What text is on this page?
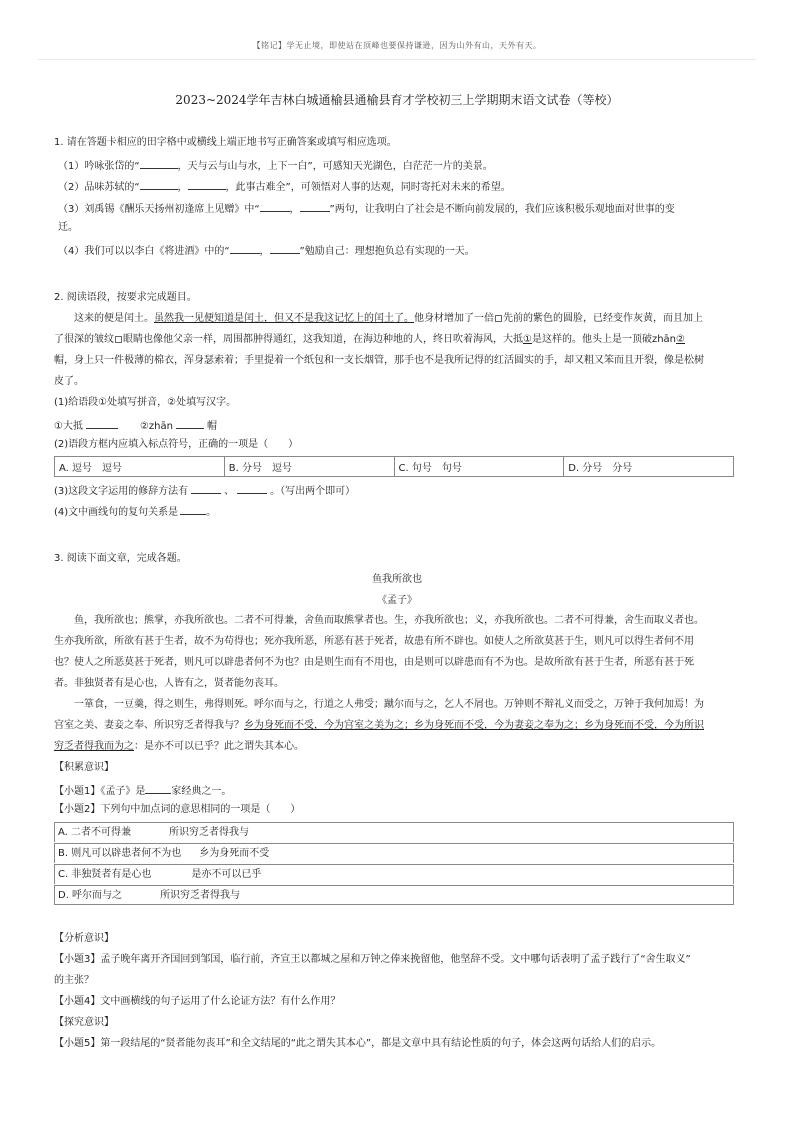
【铭记】学无止境，即使站在顶峰也要保持谦逊，因为山外有山，天外有天。
2023~2024学年吉林白城通榆县通榆县育才学校初三上学期期末语文试卷（等校）
1. 请在答题卡相应的田字格中或横线上端正地书写正确答案或填写相应选项。
（1）吟咏张岱的“	，天与云与山与水，上下一白”，可感知天光湖色，白茫茫一片的美景。
（2）品味苏轼的“	，	，此事古难全”，可领悟对人事的达观，同时寄托对未来的希望。
（3）刘禹锡《酬乐天扬州初逢席上见赠》中“	，	”两句，让我明白了社会是不断向前发展的，我们应该积极乐观地面对世事的变
迁。
（4）我们可以以李白《将进酒》中的“	，	”勉励自己：理想抱负总有实现的一天。
2. 阅读语段，按要求完成题目。
这来的便是闰土。虽然我一见便知道是闰土，但又不是我这记忆上的闰土了。他身材增加了一倍 先前的紫色的圆脸，已经变作灰黄，而且加上
了很深的皱纹 眼睛也像他父亲一样，周围都肿得通红，这我知道，在海边种地的人，终日吹着海风，大抵①是这样的。他头上是一顶破zhān②
帽，身上只一件极薄的棉衣，浑身瑟索着；手里提着一个纸包和一支长烟管，那手也不是我所记得的红活圆实的手，却又粗又笨而且开裂，像是松树
皮了。
(1)给语段①处填写拼音，②处填写汉字。
①大抵	②zhān	帽
(2)语段方框内应填入标点符号，正确的一项是（　　）
A. 逗号　逗号	B. 分号　逗号	C. 句号　句号	D. 分号　分号
(3)这段文字运用的修辞方法有	、	。（写出两个即可）
(4)文中画线句的复句关系是	。
3. 阅读下面文章，完成各题。
鱼我所欲也
《孟子》
鱼，我所欲也；熊掌，亦我所欲也。二者不可得兼，舍鱼而取熊掌者也。生，亦我所欲也；义，亦我所欲也。二者不可得兼，舍生而取义者也。
生亦我所欲，所欲有甚于生者，故不为苟得也；死亦我所恶，所恶有甚于死者，故患有所不辟也。如使人之所欲莫甚于生，则凡可以得生者何不用
也？使人之所恶莫甚于死者，则凡可以辟患者何不为也？由是则生而有不用也，由是则可以辟患而有不为也。是故所欲有甚于生者，所恶有甚于死
者。非独贤者有是心也，人皆有之，贤者能勿丧耳。
一箪食，一豆羹，得之则生，弗得则死。呼尔而与之，行道之人弗受；蹴尔而与之，乞人不屑也。万钟则不辩礼义而受之，万钟于我何加焉！为
宫室之美、妻妾之奉、所识穷乏者得我与？乡为身死而不受，今为宫室之美为之；乡为身死而不受，今为妻妾之奉为之；乡为身死而不受，今为所识
穷乏者得我而为之：是亦不可以已乎？此之谓失其本心。
【积累意识】
【小题1】《孟子》是	家经典之一。
【小题2】下列句中加点词的意思相同的一项是（　　）
A. 二者不可得兼	所识穷乏者得我与
B. 则凡可以辟患者何不为也 乡为身死而不受
C. 非独贤者有是心也	是亦不可以已乎
D. 呼尔而与之	所识穷乏者得我与
【分析意识】
【小题3】孟子晚年离开齐国回到邹国，临行前，齐宣王以都城之屋和万钟之俸来挽留他，他坚辞不受。文中哪句话表明了孟子践行了“舍生取义”
的主张？
【小题4】文中画横线的句子运用了什么论证方法？有什么作用？
【探究意识】
【小题5】第一段结尾的“贤者能勿丧耳”和全文结尾的“此之谓失其本心”，都是文章中具有结论性质的句子，体会这两句话给人们的启示。
